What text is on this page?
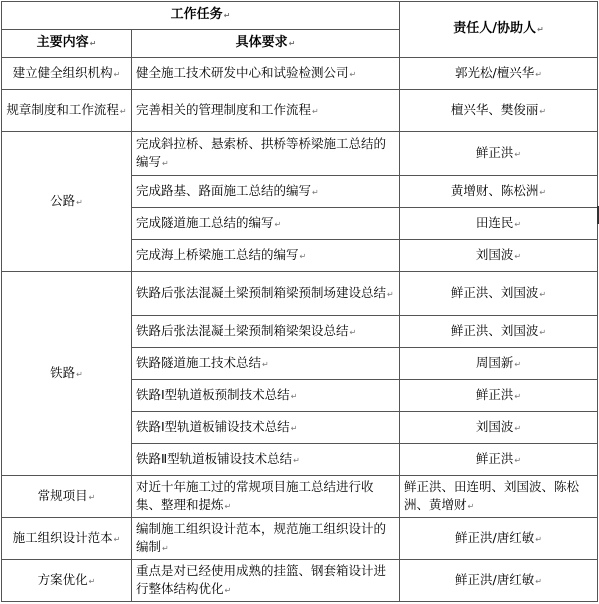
工作任务↵		责任人/协助人↵
主要内容↵	具体要求↵	
建立健全组织机构↵	健全施工技术研发中心和试验检测公司↵	郭光松/檀兴华↵
规章制度和工作流程↵	完善相关的管理制度和工作流程↵	檀兴华、樊俊丽↵
公路↵	完成斜拉桥、悬索桥、拱桥等桥梁施工总结的编写↵	鲜正洪↵
	完成路基、路面施工总结的编写↵	黄增财、陈松洲↵
	完成隧道施工总结的编写↵	田连民↵
	完成海上桥梁施工总结的编写↵	刘国波↵
铁路↵	铁路后张法混凝土梁预制箱梁预制场建设总结↵	鲜正洪、刘国波↵
	铁路后张法混凝土梁预制箱梁架设总结↵	鲜正洪、刘国波↵
	铁路隧道施工技术总结↵	周国新↵
	铁路Ⅰ型轨道板预制技术总结↵	鲜正洪↵
	铁路Ⅰ型轨道板铺设技术总结↵	刘国波↵
	铁路Ⅱ型轨道板铺设技术总结↵	鲜正洪↵
常规项目↵	对近十年施工过的常规项目施工总结进行收集、整理和提炼↵	鲜正洪、田连明、刘国波、陈松洲、黄增财↵
施工组织设计范本↵	编制施工组织设计范本，规范施工组织设计的编制↵	鲜正洪/唐红敏↵
方案优化↵	重点是对已经使用成熟的挂篮、钢套箱设计进行整体结构优化↵	鲜正洪/唐红敏↵
